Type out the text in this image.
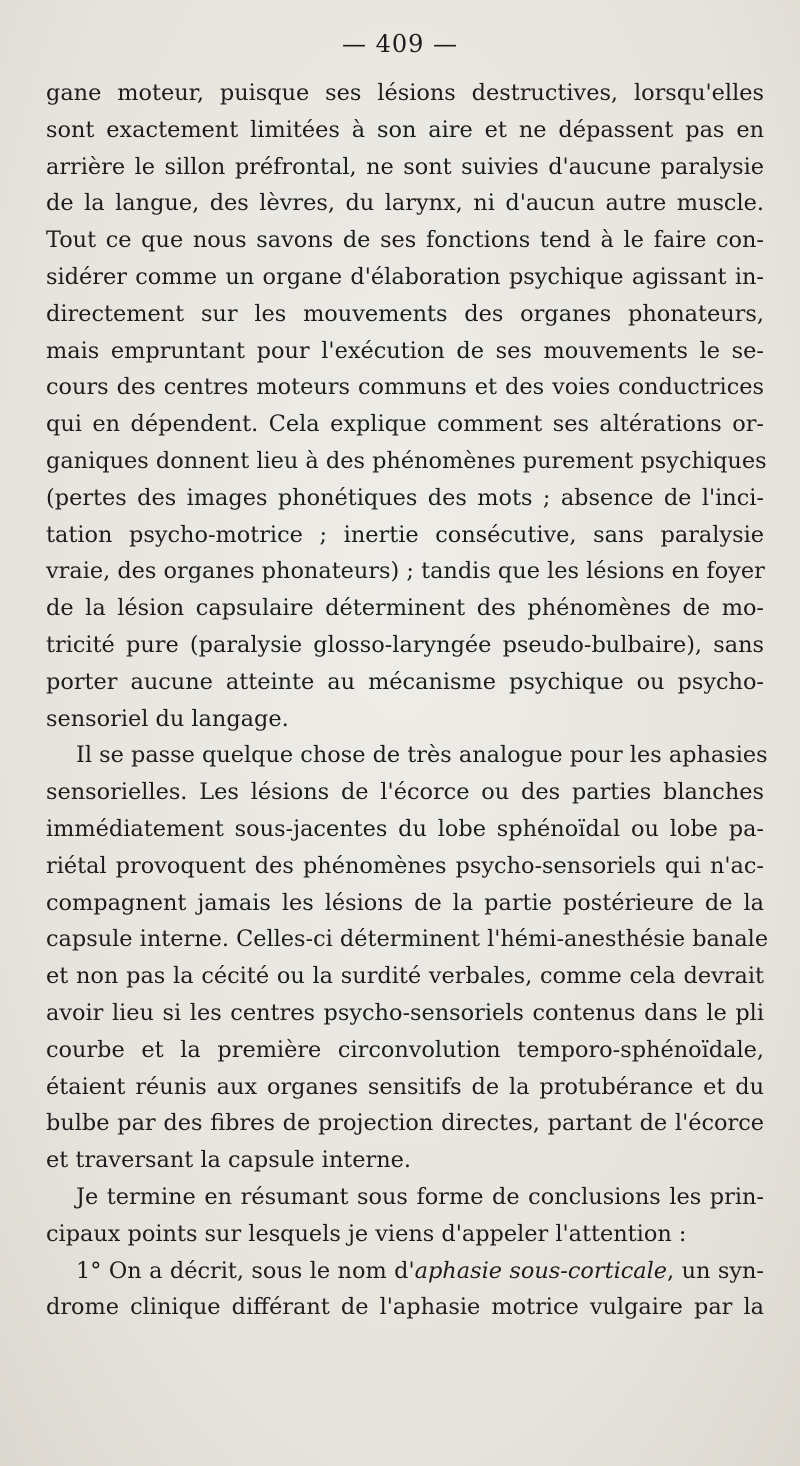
— 409 —
gane moteur, puisque ses lésions destructives, lorsqu'elles
sont exactement limitées à son aire et ne dépassent pas en
arrière le sillon préfrontal, ne sont suivies d'aucune paralysie
de la langue, des lèvres, du larynx, ni d'aucun autre muscle.
Tout ce que nous savons de ses fonctions tend à le faire con-
sidérer comme un organe d'élaboration psychique agissant in-
directement sur les mouvements des organes phonateurs,
mais empruntant pour l'exécution de ses mouvements le se-
cours des centres moteurs communs et des voies conductrices
qui en dépendent. Cela explique comment ses altérations or-
ganiques donnent lieu à des phénomènes purement psychiques
(pertes des images phonétiques des mots ; absence de l'inci-
tation psycho-motrice ; inertie consécutive, sans paralysie
vraie, des organes phonateurs) ; tandis que les lésions en foyer
de la lésion capsulaire déterminent des phénomènes de mo-
tricité pure (paralysie glosso-laryngée pseudo-bulbaire), sans
porter aucune atteinte au mécanisme psychique ou psycho-
sensoriel du langage.
Il se passe quelque chose de très analogue pour les aphasies
sensorielles. Les lésions de l'écorce ou des parties blanches
immédiatement sous-jacentes du lobe sphénoïdal ou lobe pa-
riétal provoquent des phénomènes psycho-sensoriels qui n'ac-
compagnent jamais les lésions de la partie postérieure de la
capsule interne. Celles-ci déterminent l'hémi-anesthésie banale
et non pas la cécité ou la surdité verbales, comme cela devrait
avoir lieu si les centres psycho-sensoriels contenus dans le pli
courbe et la première circonvolution temporo-sphénoïdale,
étaient réunis aux organes sensitifs de la protubérance et du
bulbe par des fibres de projection directes, partant de l'écorce
et traversant la capsule interne.
Je termine en résumant sous forme de conclusions les prin-
cipaux points sur lesquels je viens d'appeler l'attention :
1° On a décrit, sous le nom d'aphasie sous-corticale, un syn-
drome clinique différant de l'aphasie motrice vulgaire par la
